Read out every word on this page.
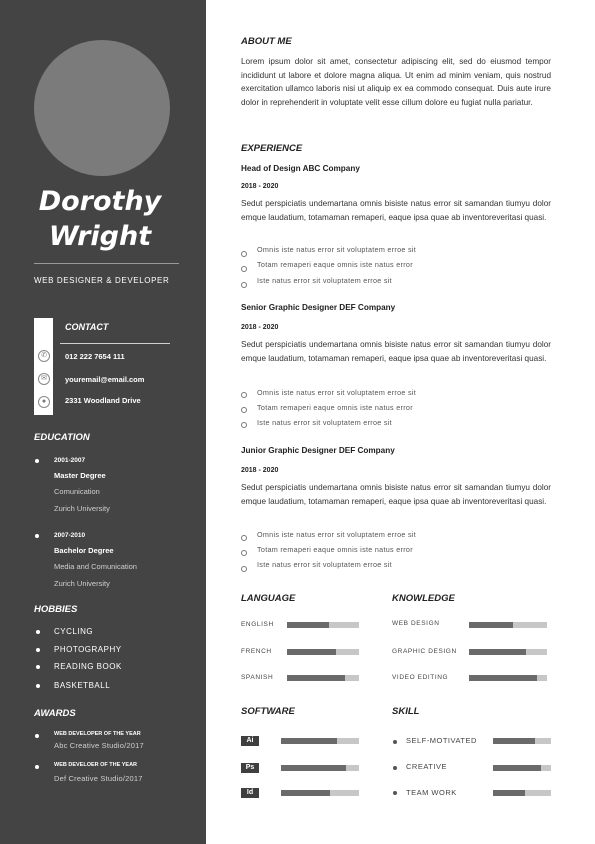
Dorothy
Wright
WEB DESIGNER & DEVELOPER
CONTACT
✆	012 222 7654 111
✉	youremail@email.com
●	2331 Woodland Drive
EDUCATION
2001-2007
Master Degree
Comunication
Zurich University
2007-2010
Bachelor Degree
Media and Comunication
Zurich University
HOBBIES
CYCLING
PHOTOGRAPHY
READING BOOK
BASKETBALL
AWARDS
WEB DEVELOPER OF THE YEAR
Abc Creative Studio/2017
WEB DEVELOER OF THE YEAR
Def Creative Studio/2017
ABOUT ME
Lorem ipsum dolor sit amet, consectetur adipiscing elit, sed do eiusmod tempor incididunt ut labore et dolore magna aliqua. Ut enim ad minim veniam, quis nostrud exercitation ullamco laboris nisi ut aliquip ex ea commodo consequat. Duis aute irure dolor in reprehenderit in voluptate velit esse cillum dolore eu fugiat nulla pariatur.
EXPERIENCE
Head of Design ABC Company
2018 - 2020
Sedut perspiciatis undemartana omnis bisiste natus error sit samandan tiumyu dolor emque laudatium, totamaman remaperi, eaque ipsa quae ab inventoreveritasi quasi.
Omnis iste natus error sit voluptatem erroe sit
Totam remaperi eaque omnis iste natus error
Iste natus error sit voluptatem erroe sit
Senior Graphic Designer DEF Company
2018 - 2020
Sedut perspiciatis undemartana omnis bisiste natus error sit samandan tiumyu dolor emque laudatium, totamaman remaperi, eaque ipsa quae ab inventoreveritasi quasi.
Omnis iste natus error sit voluptatem erroe sit
Totam remaperi eaque omnis iste natus error
Iste natus error sit voluptatem erroe sit
Junior Graphic Designer DEF Company
2018 - 2020
Sedut perspiciatis undemartana omnis bisiste natus error sit samandan tiumyu dolor emque laudatium, totamaman remaperi, eaque ipsa quae ab inventoreveritasi quasi.
Omnis iste natus error sit voluptatem erroe sit
Totam remaperi eaque omnis iste natus error
Iste natus error sit voluptatem erroe sit
LANGUAGE
ENGLISH
FRENCH
SPANISH
KNOWLEDGE
WEB DESIGN
GRAPHIC DESIGN
VIDEO EDITING
SOFTWARE
Ai
Ps
Id
SKILL
SELF-MOTIVATED
CREATIVE
TEAM WORK
